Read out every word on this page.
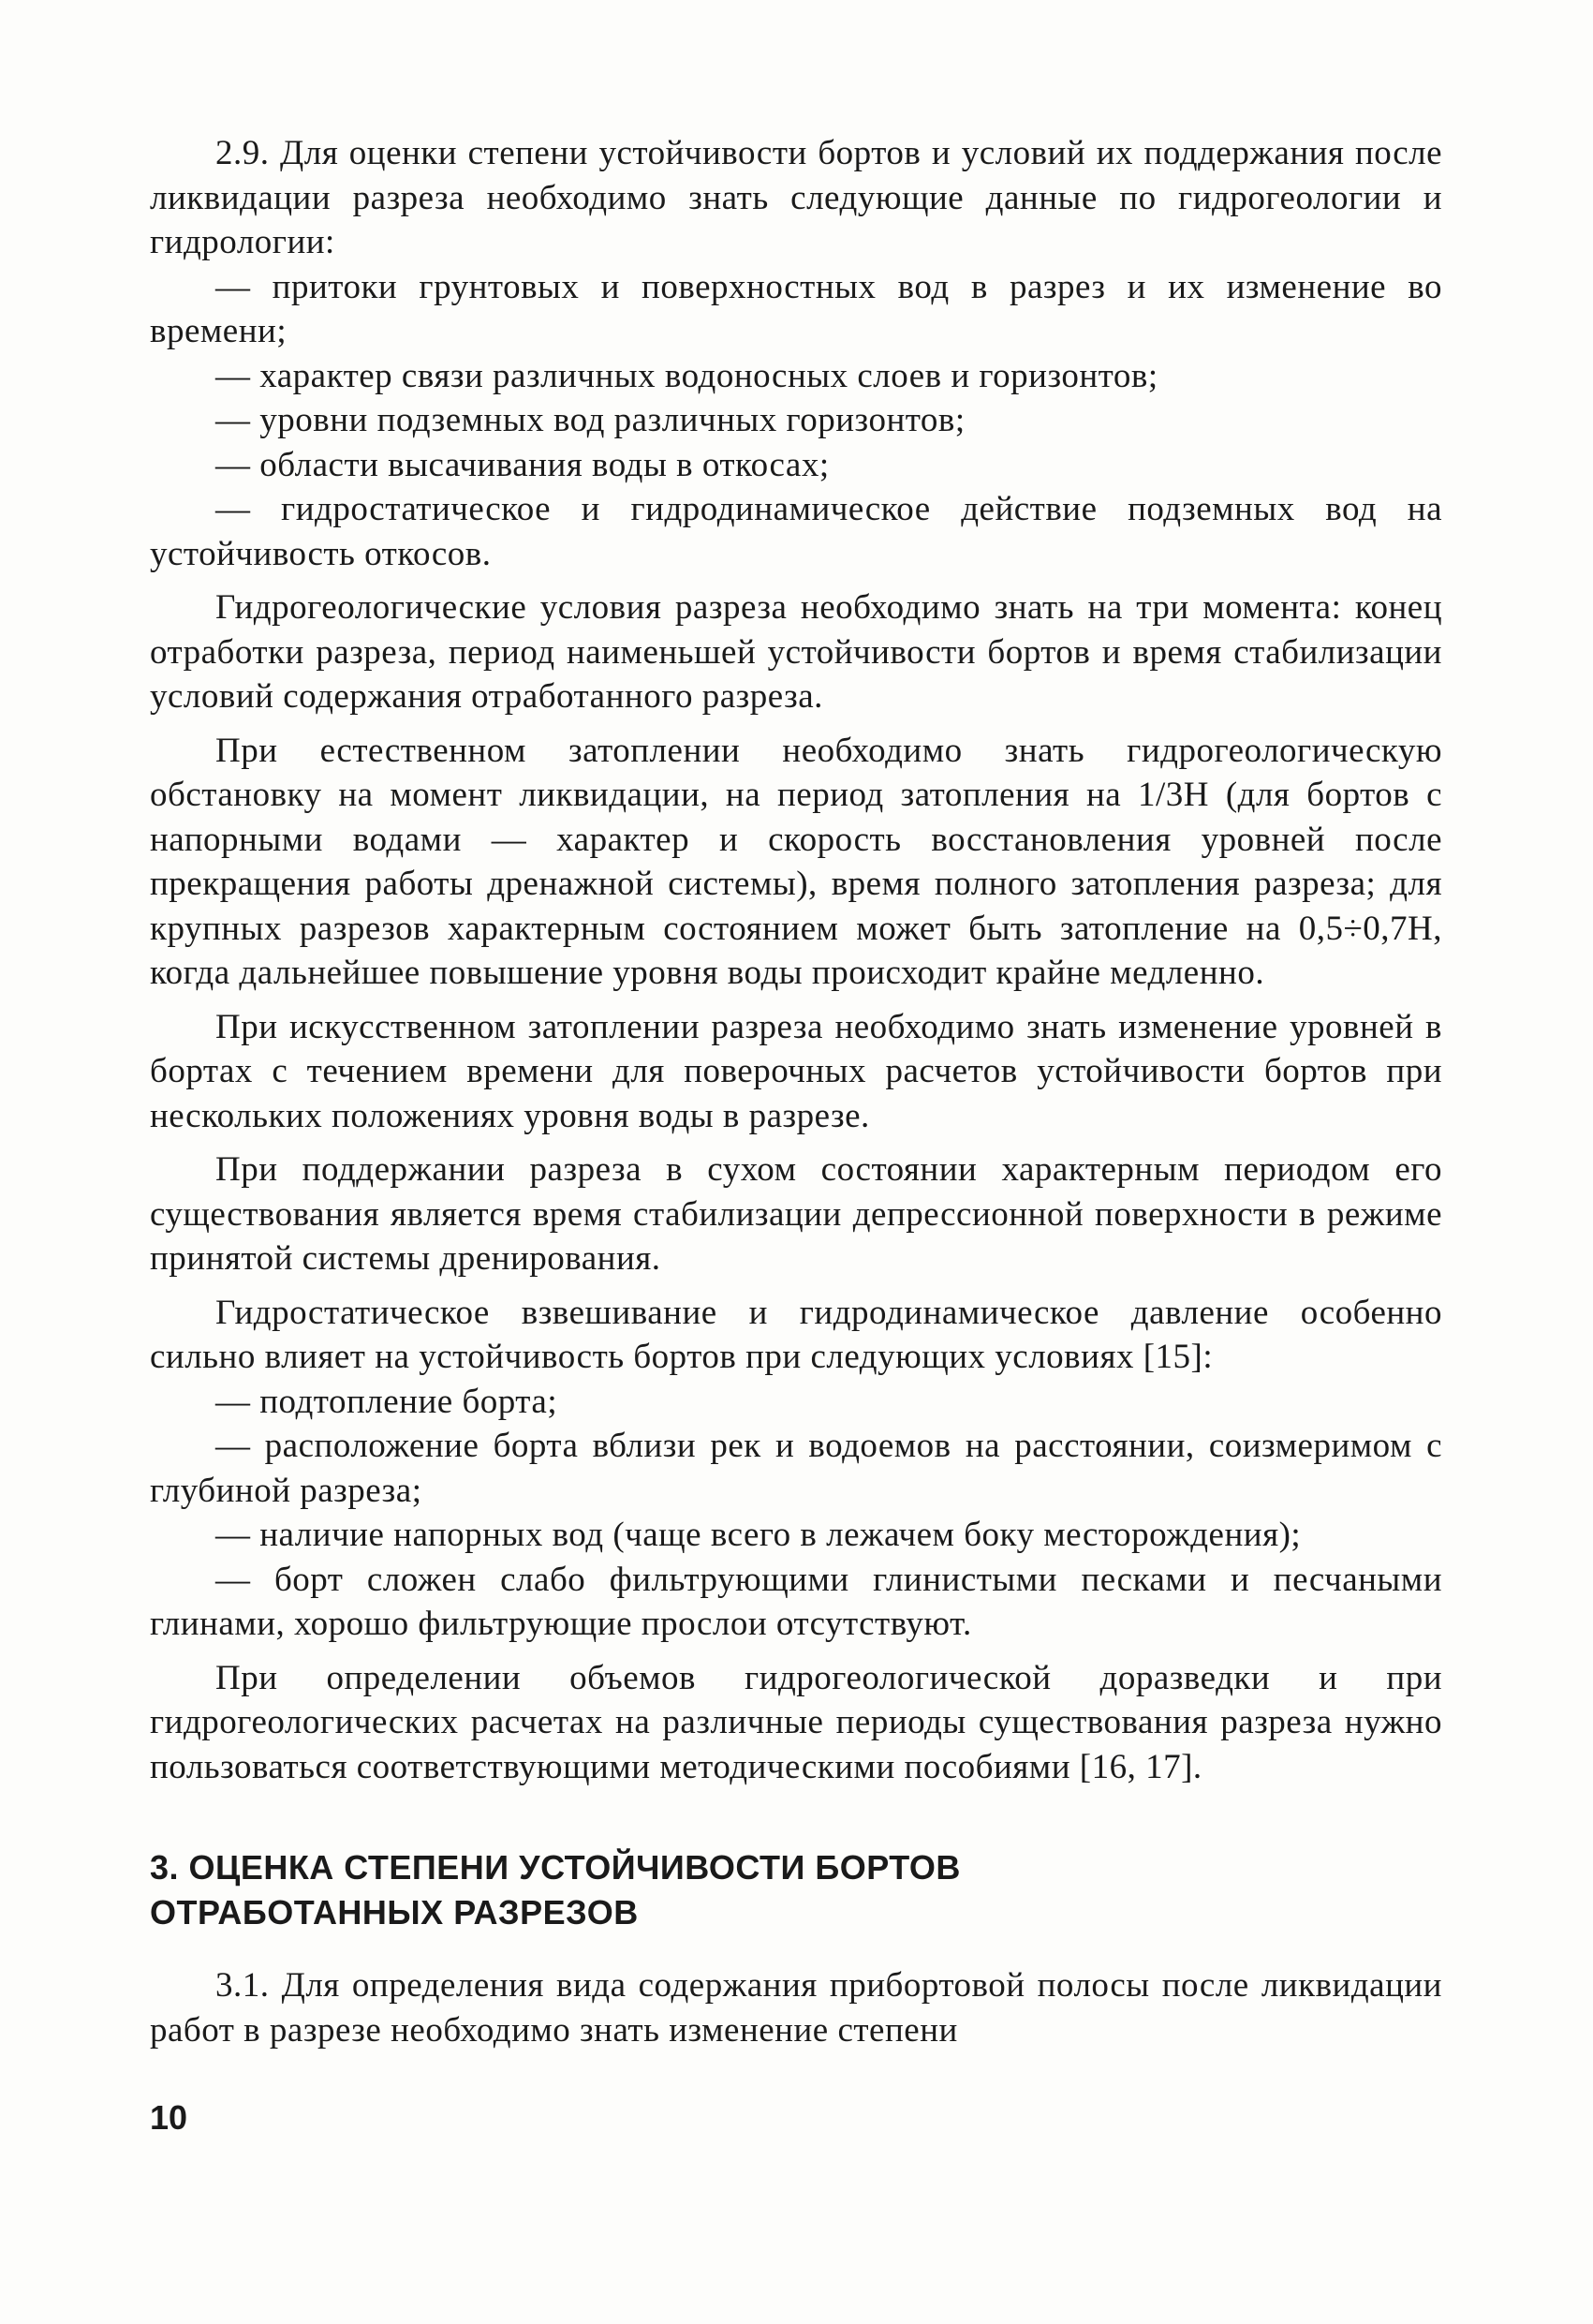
2.9. Для оценки степени устойчивости бортов и условий их поддержания после ликвидации разреза необходимо знать следующие данные по гидрогеологии и гидрологии:

— притоки грунтовых и поверхностных вод в разрез и их изменение во времени;

— характер связи различных водоносных слоев и горизонтов;

— уровни подземных вод различных горизонтов;

— области высачивания воды в откосах;

— гидростатическое и гидродинамическое действие подземных вод на устойчивость откосов.

Гидрогеологические условия разреза необходимо знать на три момента: конец отработки разреза, период наименьшей устойчивости бортов и время стабилизации условий содержания отработанного разреза.

При естественном затоплении необходимо знать гидрогеологическую обстановку на момент ликвидации, на период затопления на 1/3H (для бортов с напорными водами — характер и скорость восстановления уровней после прекращения работы дренажной системы), время полного затопления разреза; для крупных разрезов характерным состоянием может быть затопление на 0,5÷0,7H, когда дальнейшее повышение уровня воды происходит крайне медленно.

При искусственном затоплении разреза необходимо знать изменение уровней в бортах с течением времени для поверочных расчетов устойчивости бортов при нескольких положениях уровня воды в разрезе.

При поддержании разреза в сухом состоянии характерным периодом его существования является время стабилизации депрессионной поверхности в режиме принятой системы дренирования.

Гидростатическое взвешивание и гидродинамическое давление особенно сильно влияет на устойчивость бортов при следующих условиях [15]:

— подтопление борта;

— расположение борта вблизи рек и водоемов на расстоянии, соизмеримом с глубиной разреза;

— наличие напорных вод (чаще всего в лежачем боку месторождения);

— борт сложен слабо фильтрующими глинистыми песками и песчаными глинами, хорошо фильтрующие прослои отсутствуют.

При определении объемов гидрогеологической доразведки и при гидрогеологических расчетах на различные периоды существования разреза нужно пользоваться соответствующими методическими пособиями [16, 17].

3. ОЦЕНКА СТЕПЕНИ УСТОЙЧИВОСТИ БОРТОВ
ОТРАБОТАННЫХ РАЗРЕЗОВ

3.1. Для определения вида содержания прибортовой полосы после ликвидации работ в разрезе необходимо знать изменение степени

10
